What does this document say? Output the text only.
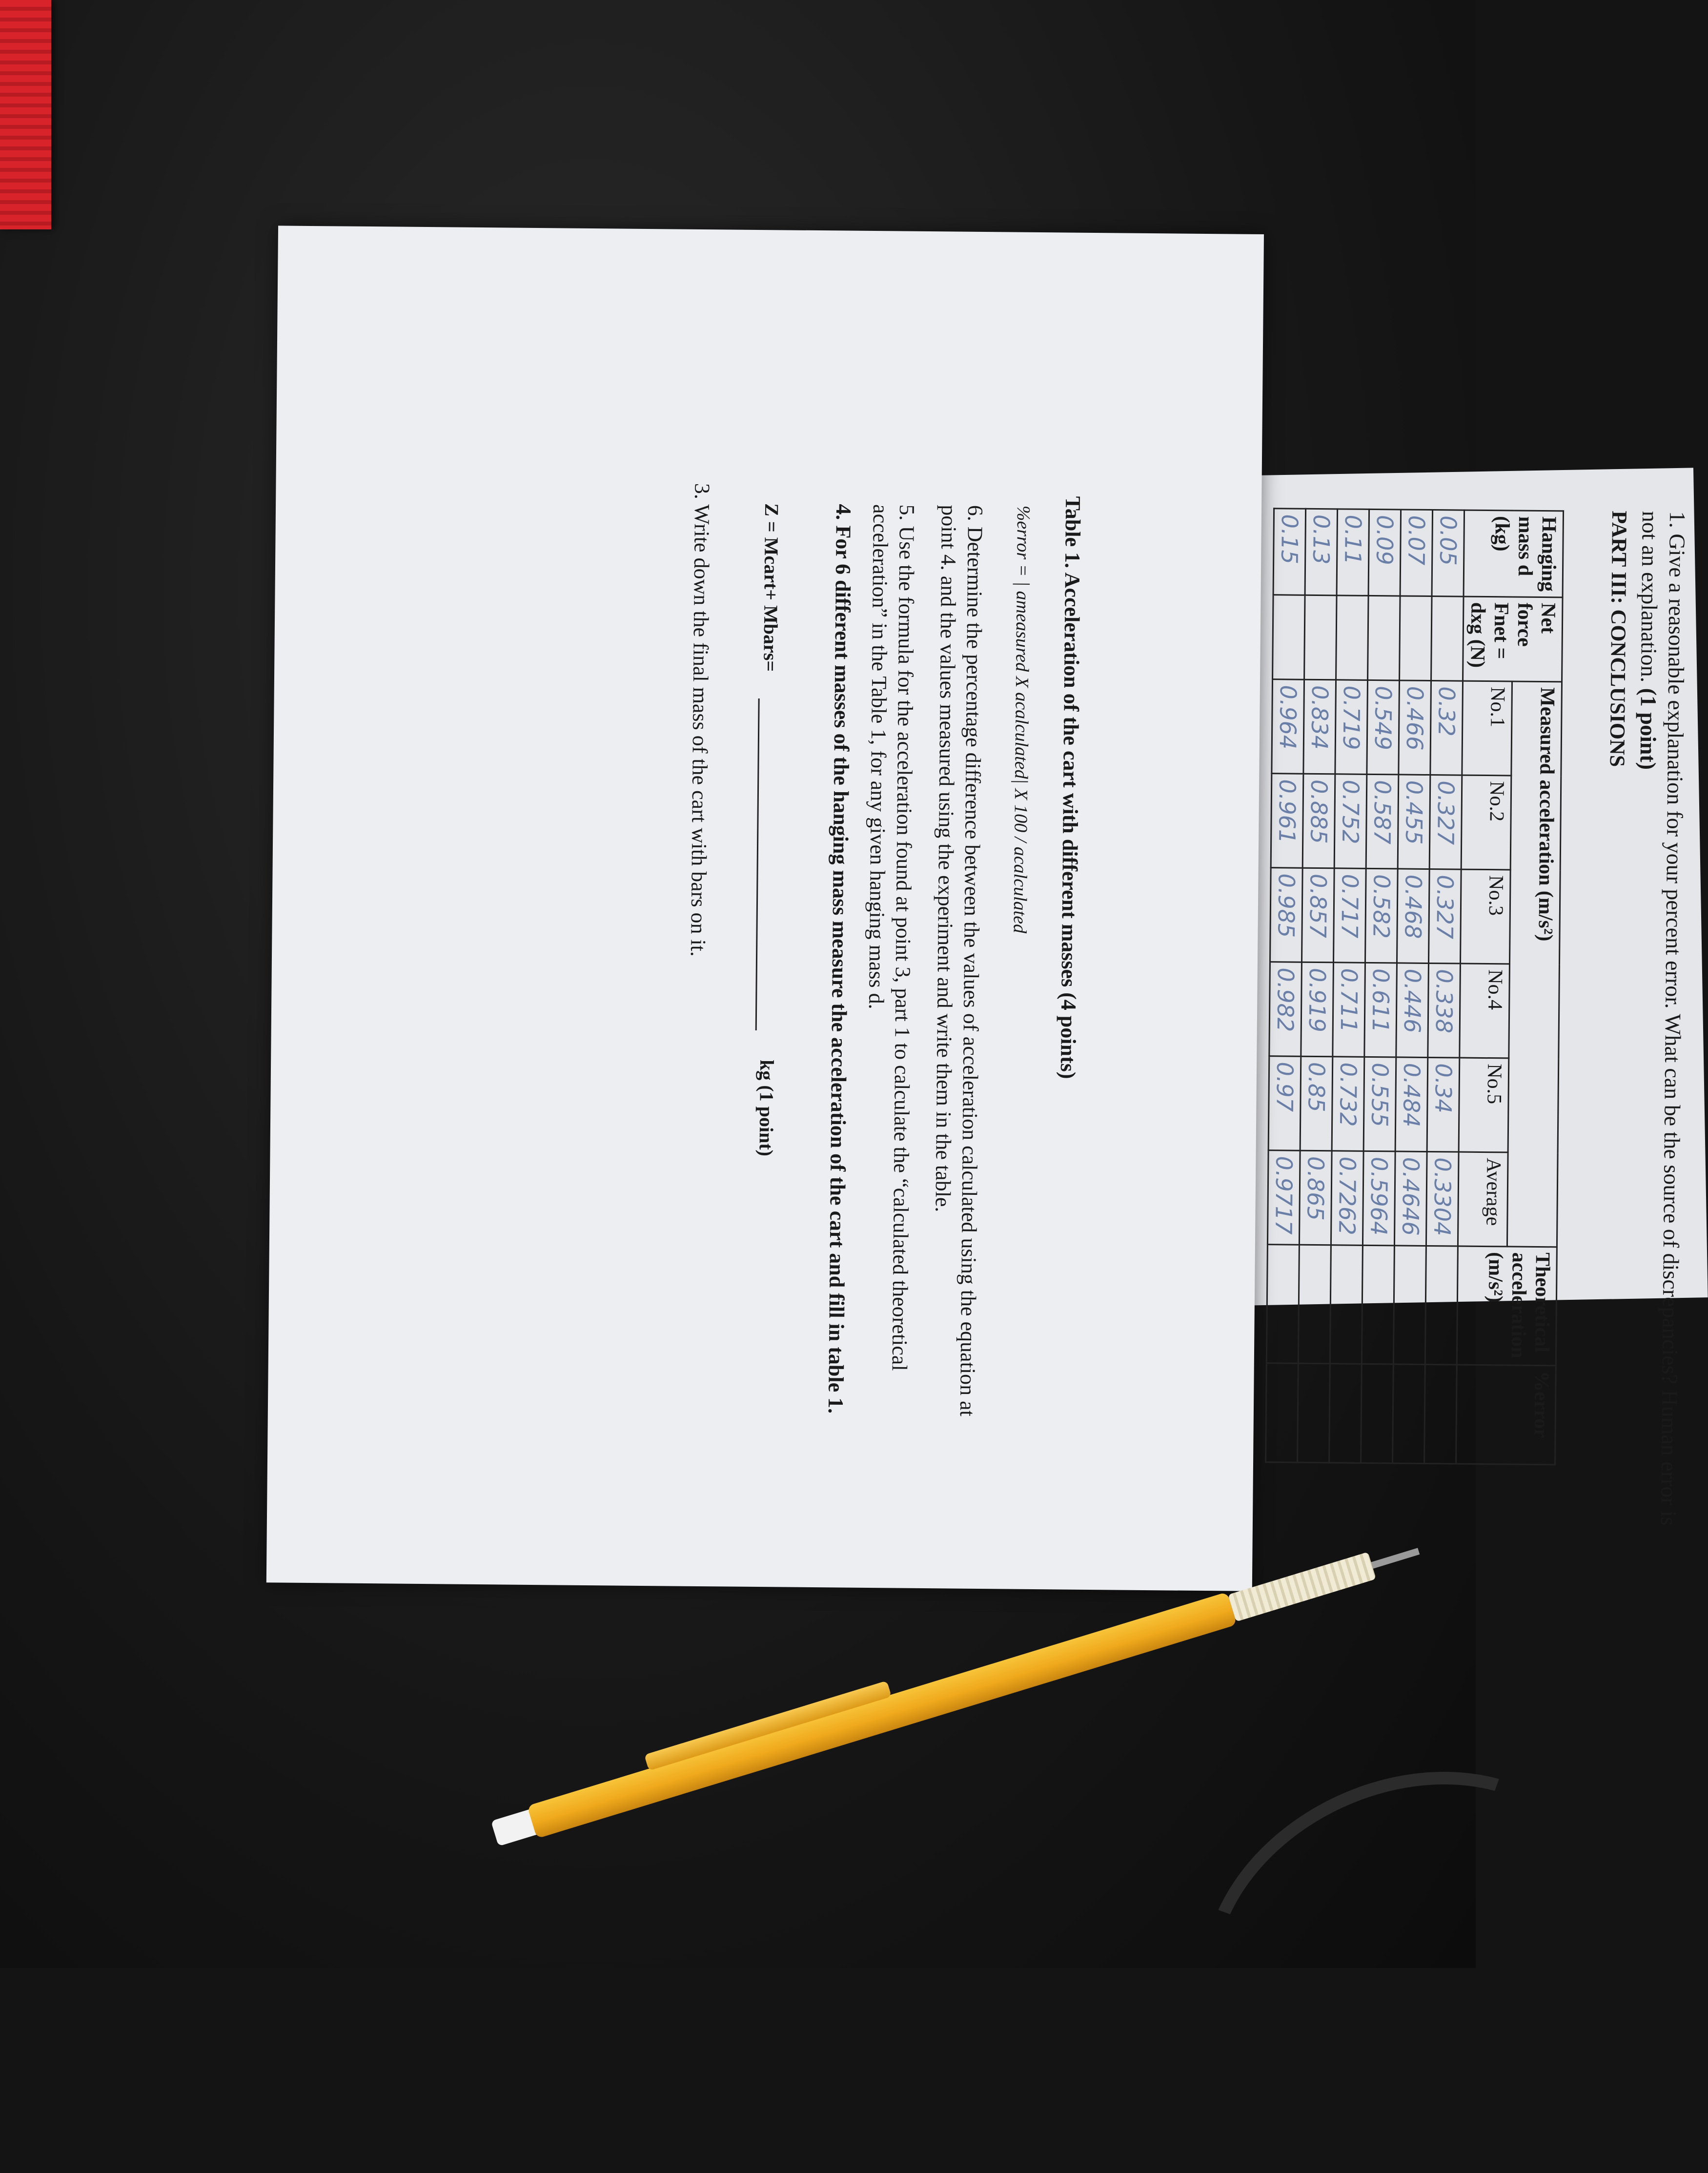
3. Write down the final mass of the cart with bars on it. Z = Mcart+ Mbars=
kg (1 point) 4. For 6 different masses of the hanging mass measure the acceleration of the cart and fill in table 1.	5. Use the formula for the acceleration found at point 3, part 1 to calculate the “calculated theoretical acceleration” in the Table 1, for any given hanging mass d.	6. Determine the percentage difference between the values of acceleration calculated using the equation at point 4. and the values measured using the experiment and write them in the table.	%error = | ameasured X acalculated| X 100 / acalculated Table 1. Acceleration of the cart with different masses (4 points)	Hanging mass d (kg)	Net force Fnet = dxg (N)	Measured acceleration (m/s²)						Theoretical acceleration (m/s²)	%error
		No.1	No.2	No.3	No.4	No.5	Average		
0.05		0.32	0.327	0.327	0.338	0.34	0.3304		
0.07		0.466	0.455	0.468	0.446	0.484	0.4646		
0.09		0.549	0.587	0.582	0.611	0.555	0.5964		
0.11		0.719	0.752	0.717	0.711	0.732	0.7262		
0.13		0.834	0.885	0.857	0.919	0.85	0.865		
0.15		0.964	0.961	0.985	0.982	0.97	0.9717		
PART III: CONCLUSIONS	1. Give a reasonable explanation for your percent error. What can be the source of discrepancies? Human error is not an explanation. (1 point)
